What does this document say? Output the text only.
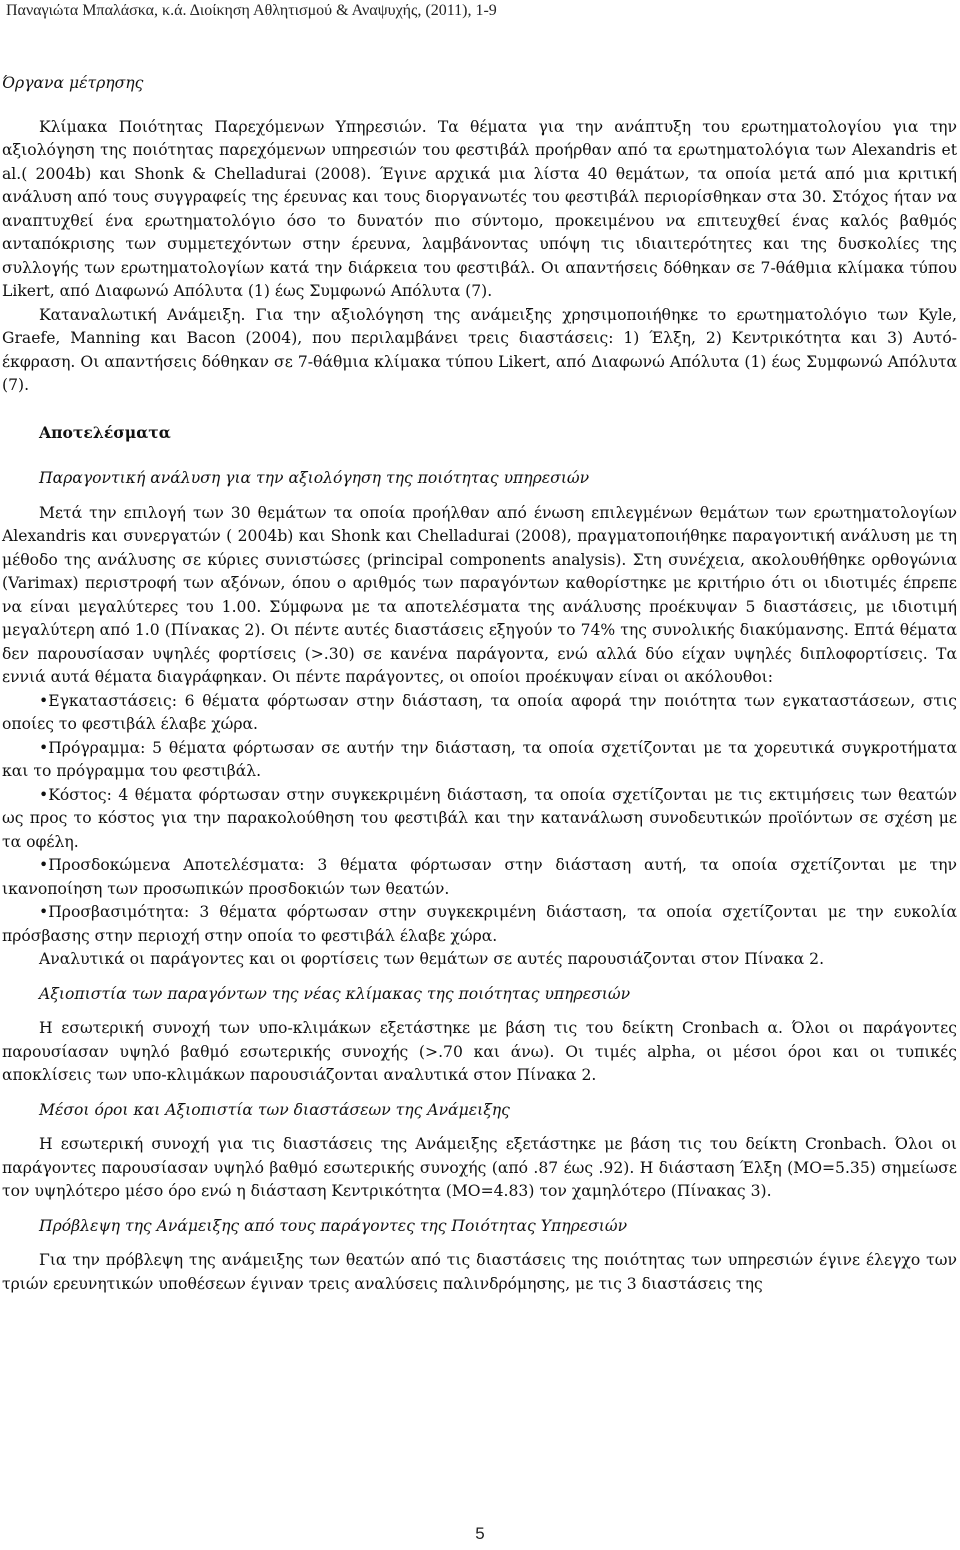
Παναγιώτα Μπαλάσκα, κ.ά. Διοίκηση Αθλητισμού & Αναψυχής, (2011), 1-9

Όργανα μέτρησης

Κλίμακα Ποιότητας Παρεχόμενων Υπηρεσιών. Τα θέματα για την ανάπτυξη του ερωτηματολογίου για την αξιολόγηση της ποιότητας παρεχόμενων υπηρεσιών του φεστιβάλ προήρθαν από τα ερωτηματολόγια των Alexandris et al.( 2004b) και Shonk & Chelladurai (2008). Έγινε αρχικά μια λίστα 40 θεμάτων, τα οποία μετά από μια κριτική ανάλυση από τους συγγραφείς της έρευνας και τους διοργανωτές του φεστιβάλ περιορίσθηκαν στα 30. Στόχος ήταν να αναπτυχθεί ένα ερωτηματολόγιο όσο το δυνατόν πιο σύντομο, προκειμένου να επιτευχθεί ένας καλός βαθμός ανταπόκρισης των συμμετεχόντων στην έρευνα, λαμβάνοντας υπόψη τις ιδιαιτερότητες και της δυσκολίες της συλλογής των ερωτηματολογίων κατά την διάρκεια του φεστιβάλ. Οι απαντήσεις δόθηκαν σε 7-θάθμια κλίμακα τύπου Likert, από Διαφωνώ Απόλυτα (1) έως Συμφωνώ Απόλυτα (7).

Καταναλωτική Ανάμειξη. Για την αξιολόγηση της ανάμειξης χρησιμοποιήθηκε το ερωτηματολόγιο των Kyle, Graefe, Manning και Bacon (2004), που περιλαμβάνει τρεις διαστάσεις: 1) Έλξη, 2) Κεντρικότητα και 3) Αυτό-έκφραση. Οι απαντήσεις δόθηκαν σε 7-θάθμια κλίμακα τύπου Likert, από Διαφωνώ Απόλυτα (1) έως Συμφωνώ Απόλυτα (7).

Αποτελέσματα

Παραγοντική ανάλυση για την αξιολόγηση της ποιότητας υπηρεσιών

Μετά την επιλογή των 30 θεμάτων τα οποία προήλθαν από ένωση επιλεγμένων θεμάτων των ερωτηματολογίων Alexandris και συνεργατών ( 2004b) και Shonk και Chelladurai (2008), πραγματοποιήθηκε παραγοντική ανάλυση με τη μέθοδο της ανάλυσης σε κύριες συνιστώσες (principal components analysis). Στη συνέχεια, ακολουθήθηκε ορθογώνια (Varimax) περιστροφή των αξόνων, όπου ο αριθμός των παραγόντων καθορίστηκε με κριτήριο ότι οι ιδιοτιμές έπρεπε να είναι μεγαλύτερες του 1.00. Σύμφωνα με τα αποτελέσματα της ανάλυσης προέκυψαν 5 διαστάσεις, με ιδιοτιμή μεγαλύτερη από 1.0 (Πίνακας 2). Οι πέντε αυτές διαστάσεις εξηγούν το 74% της συνολικής διακύμανσης. Επτά θέματα δεν παρουσίασαν υψηλές φορτίσεις (>.30) σε κανένα παράγοντα, ενώ αλλά δύο είχαν υψηλές διπλοφορτίσεις. Τα εννιά αυτά θέματα διαγράφηκαν. Οι πέντε παράγοντες, οι οποίοι προέκυψαν είναι οι ακόλουθοι:

•Εγκαταστάσεις: 6 θέματα φόρτωσαν στην διάσταση, τα οποία αφορά την ποιότητα των εγκαταστάσεων, στις οποίες το φεστιβάλ έλαβε χώρα.

•Πρόγραμμα: 5 θέματα φόρτωσαν σε αυτήν την διάσταση, τα οποία σχετίζονται με τα χορευτικά συγκροτήματα και το πρόγραμμα του φεστιβάλ.

•Κόστος: 4 θέματα φόρτωσαν στην συγκεκριμένη διάσταση, τα οποία σχετίζονται με τις εκτιμήσεις των θεατών ως προς το κόστος για την παρακολούθηση του φεστιβάλ και την κατανάλωση συνοδευτικών προϊόντων σε σχέση με τα οφέλη.

•Προσδοκώμενα Αποτελέσματα: 3 θέματα φόρτωσαν στην διάσταση αυτή, τα οποία σχετίζονται με την ικανοποίηση των προσωπικών προσδοκιών των θεατών.

•Προσβασιμότητα: 3 θέματα φόρτωσαν στην συγκεκριμένη διάσταση, τα οποία σχετίζονται με την ευκολία πρόσβασης στην περιοχή στην οποία το φεστιβάλ έλαβε χώρα.

Αναλυτικά οι παράγοντες και οι φορτίσεις των θεμάτων σε αυτές παρουσιάζονται στον Πίνακα 2.

Αξιοπιστία των παραγόντων της νέας κλίμακας της ποιότητας υπηρεσιών

Η εσωτερική συνοχή των υπο-κλιμάκων εξετάστηκε με βάση τις του δείκτη Cronbach α. Όλοι οι παράγοντες παρουσίασαν υψηλό βαθμό εσωτερικής συνοχής (>.70 και άνω). Οι τιμές alpha, οι μέσοι όροι και οι τυπικές αποκλίσεις των υπο-κλιμάκων παρουσιάζονται αναλυτικά στον Πίνακα 2.

Μέσοι όροι και Αξιοπιστία των διαστάσεων της Ανάμειξης

Η εσωτερική συνοχή για τις διαστάσεις της Ανάμειξης εξετάστηκε με βάση τις του δείκτη Cronbach. Όλοι οι παράγοντες παρουσίασαν υψηλό βαθμό εσωτερικής συνοχής (από .87 έως .92). Η διάσταση Έλξη (ΜΟ=5.35) σημείωσε τον υψηλότερο μέσο όρο ενώ η διάσταση Κεντρικότητα (ΜΟ=4.83) τον χαμηλότερο (Πίνακας 3).

Πρόβλεψη της Ανάμειξης από τους παράγοντες της Ποιότητας Υπηρεσιών

Για την πρόβλεψη της ανάμειξης των θεατών από τις διαστάσεις της ποιότητας των υπηρεσιών έγινε έλεγχο των τριών ερευνητικών υποθέσεων έγιναν τρεις αναλύσεις παλινδρόμησης, με τις 3 διαστάσεις της

5
